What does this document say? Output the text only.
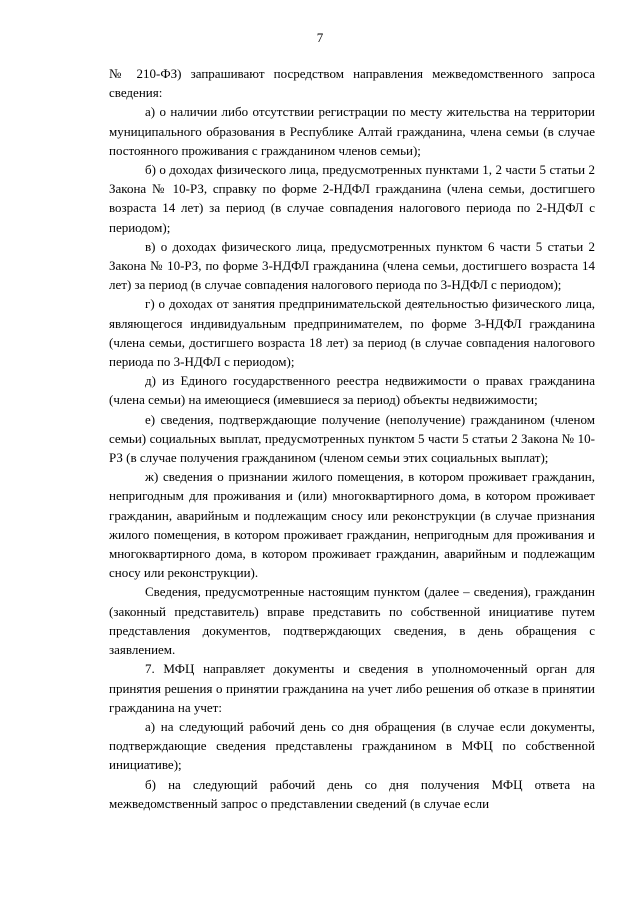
7

№ 210-ФЗ) запрашивают посредством направления межведомственного запроса сведения:

а) о наличии либо отсутствии регистрации по месту жительства на территории муниципального образования в Республике Алтай гражданина, члена семьи (в случае постоянного проживания с гражданином членов семьи);

б) о доходах физического лица, предусмотренных пунктами 1, 2 части 5 статьи 2 Закона № 10-РЗ, справку по форме 2-НДФЛ гражданина (члена семьи, достигшего возраста 14 лет) за период (в случае совпадения налогового периода по 2-НДФЛ с периодом);

в) о доходах физического лица, предусмотренных пунктом 6 части 5 статьи 2 Закона № 10-РЗ, по форме 3-НДФЛ гражданина (члена семьи, достигшего возраста 14 лет) за период (в случае совпадения налогового периода по 3-НДФЛ с периодом);

г) о доходах от занятия предпринимательской деятельностью физического лица, являющегося индивидуальным предпринимателем, по форме 3-НДФЛ гражданина (члена семьи, достигшего возраста 18 лет) за период (в случае совпадения налогового периода по 3-НДФЛ с периодом);

д) из Единого государственного реестра недвижимости о правах гражданина (члена семьи) на имеющиеся (имевшиеся за период) объекты недвижимости;

е) сведения, подтверждающие получение (неполучение) гражданином (членом семьи) социальных выплат, предусмотренных пунктом 5 части 5 статьи 2 Закона № 10-РЗ (в случае получения гражданином (членом семьи этих социальных выплат);

ж) сведения о признании жилого помещения, в котором проживает гражданин, непригодным для проживания и (или) многоквартирного дома, в котором проживает гражданин, аварийным и подлежащим сносу или реконструкции (в случае признания жилого помещения, в котором проживает гражданин, непригодным для проживания и многоквартирного дома, в котором проживает гражданин, аварийным и подлежащим сносу или реконструкции).

Сведения, предусмотренные настоящим пунктом (далее – сведения), гражданин (законный представитель) вправе представить по собственной инициативе путем представления документов, подтверждающих сведения, в день обращения с заявлением.

7. МФЦ направляет документы и сведения в уполномоченный орган для принятия решения о принятии гражданина на учет либо решения об отказе в принятии гражданина на учет:

а) на следующий рабочий день со дня обращения (в случае если документы, подтверждающие сведения представлены гражданином в МФЦ по собственной инициативе);

б) на следующий рабочий день со дня получения МФЦ ответа на межведомственный запрос о представлении сведений (в случае если
